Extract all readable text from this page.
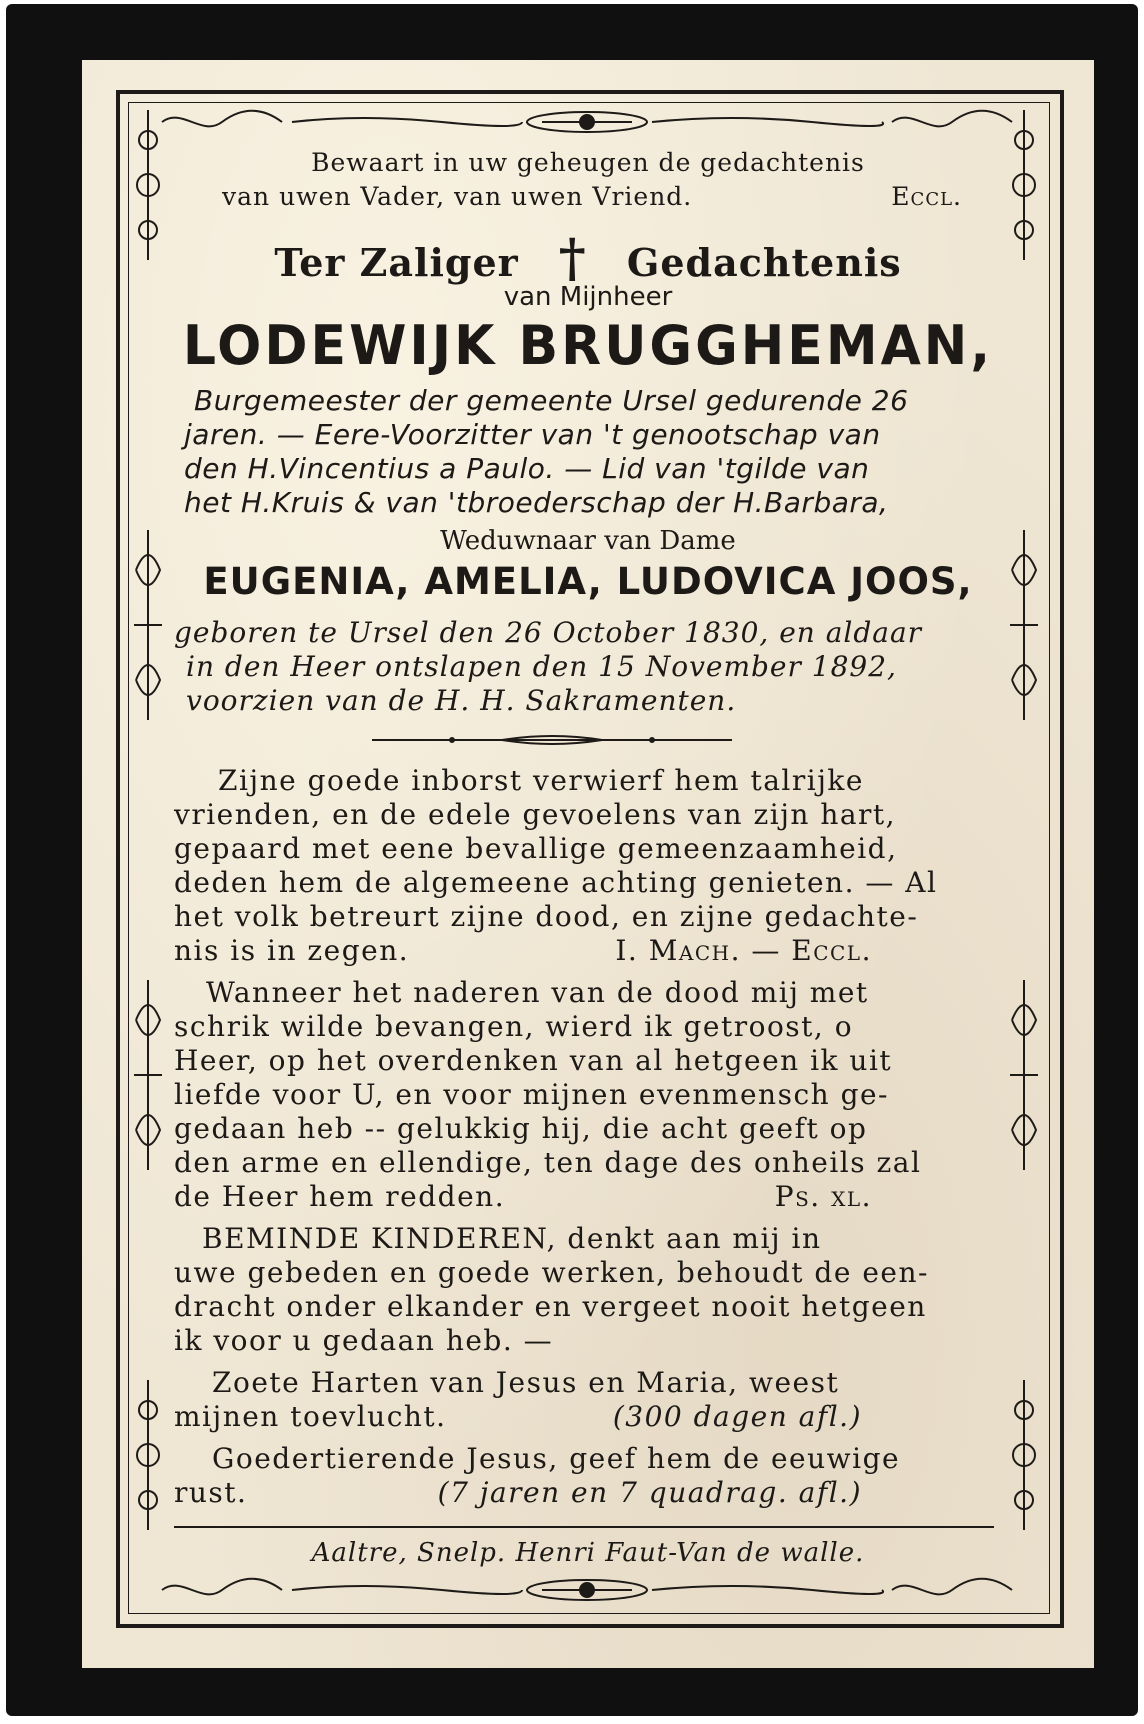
Bewaart in uw geheugen de gedachtenis
van uwen Vader, van uwen Vriend.	Eccl.
Ter Zaliger † Gedachtenis
van Mijnheer
LODEWIJK BRUGGHEMAN,
Burgemeester der gemeente Ursel gedurende 26
jaren. — Eere-Voorzitter van 't genootschap van
den H.Vincentius a Paulo. — Lid van 'tgilde van
het H.Kruis & van 'tbroederschap der H.Barbara,
Weduwnaar van Dame
EUGENIA, AMELIA, LUDOVICA JOOS,
geboren te Ursel den 26 October 1830, en aldaar
in den Heer ontslapen den 15 November 1892,
voorzien van de H. H. Sakramenten.
Zijne goede inborst verwierf hem talrijke
vrienden, en de edele gevoelens van zijn hart,
gepaard met eene bevallige gemeenzaamheid,
deden hem de algemeene achting genieten. — Al
het volk betreurt zijne dood, en zijne gedachte-
nis is in zegen.	I. Mach. — Eccl.
Wanneer het naderen van de dood mij met
schrik wilde bevangen, wierd ik getroost, o
Heer, op het overdenken van al hetgeen ik uit
liefde voor U, en voor mijnen evenmensch ge-
gedaan heb -- gelukkig hij, die acht geeft op
den arme en ellendige, ten dage des onheils zal
de Heer hem redden.	Ps. xl.
BEMINDE KINDEREN, denkt aan mij in
uwe gebeden en goede werken, behoudt de een-
dracht onder elkander en vergeet nooit hetgeen
ik voor u gedaan heb. —
Zoete Harten van Jesus en Maria, weest
mijnen toevlucht.	(300 dagen afl.)
Goedertierende Jesus, geef hem de eeuwige
rust.	(7 jaren en 7 quadrag. afl.)
Aaltre, Snelp. Henri Faut-Van de walle.
